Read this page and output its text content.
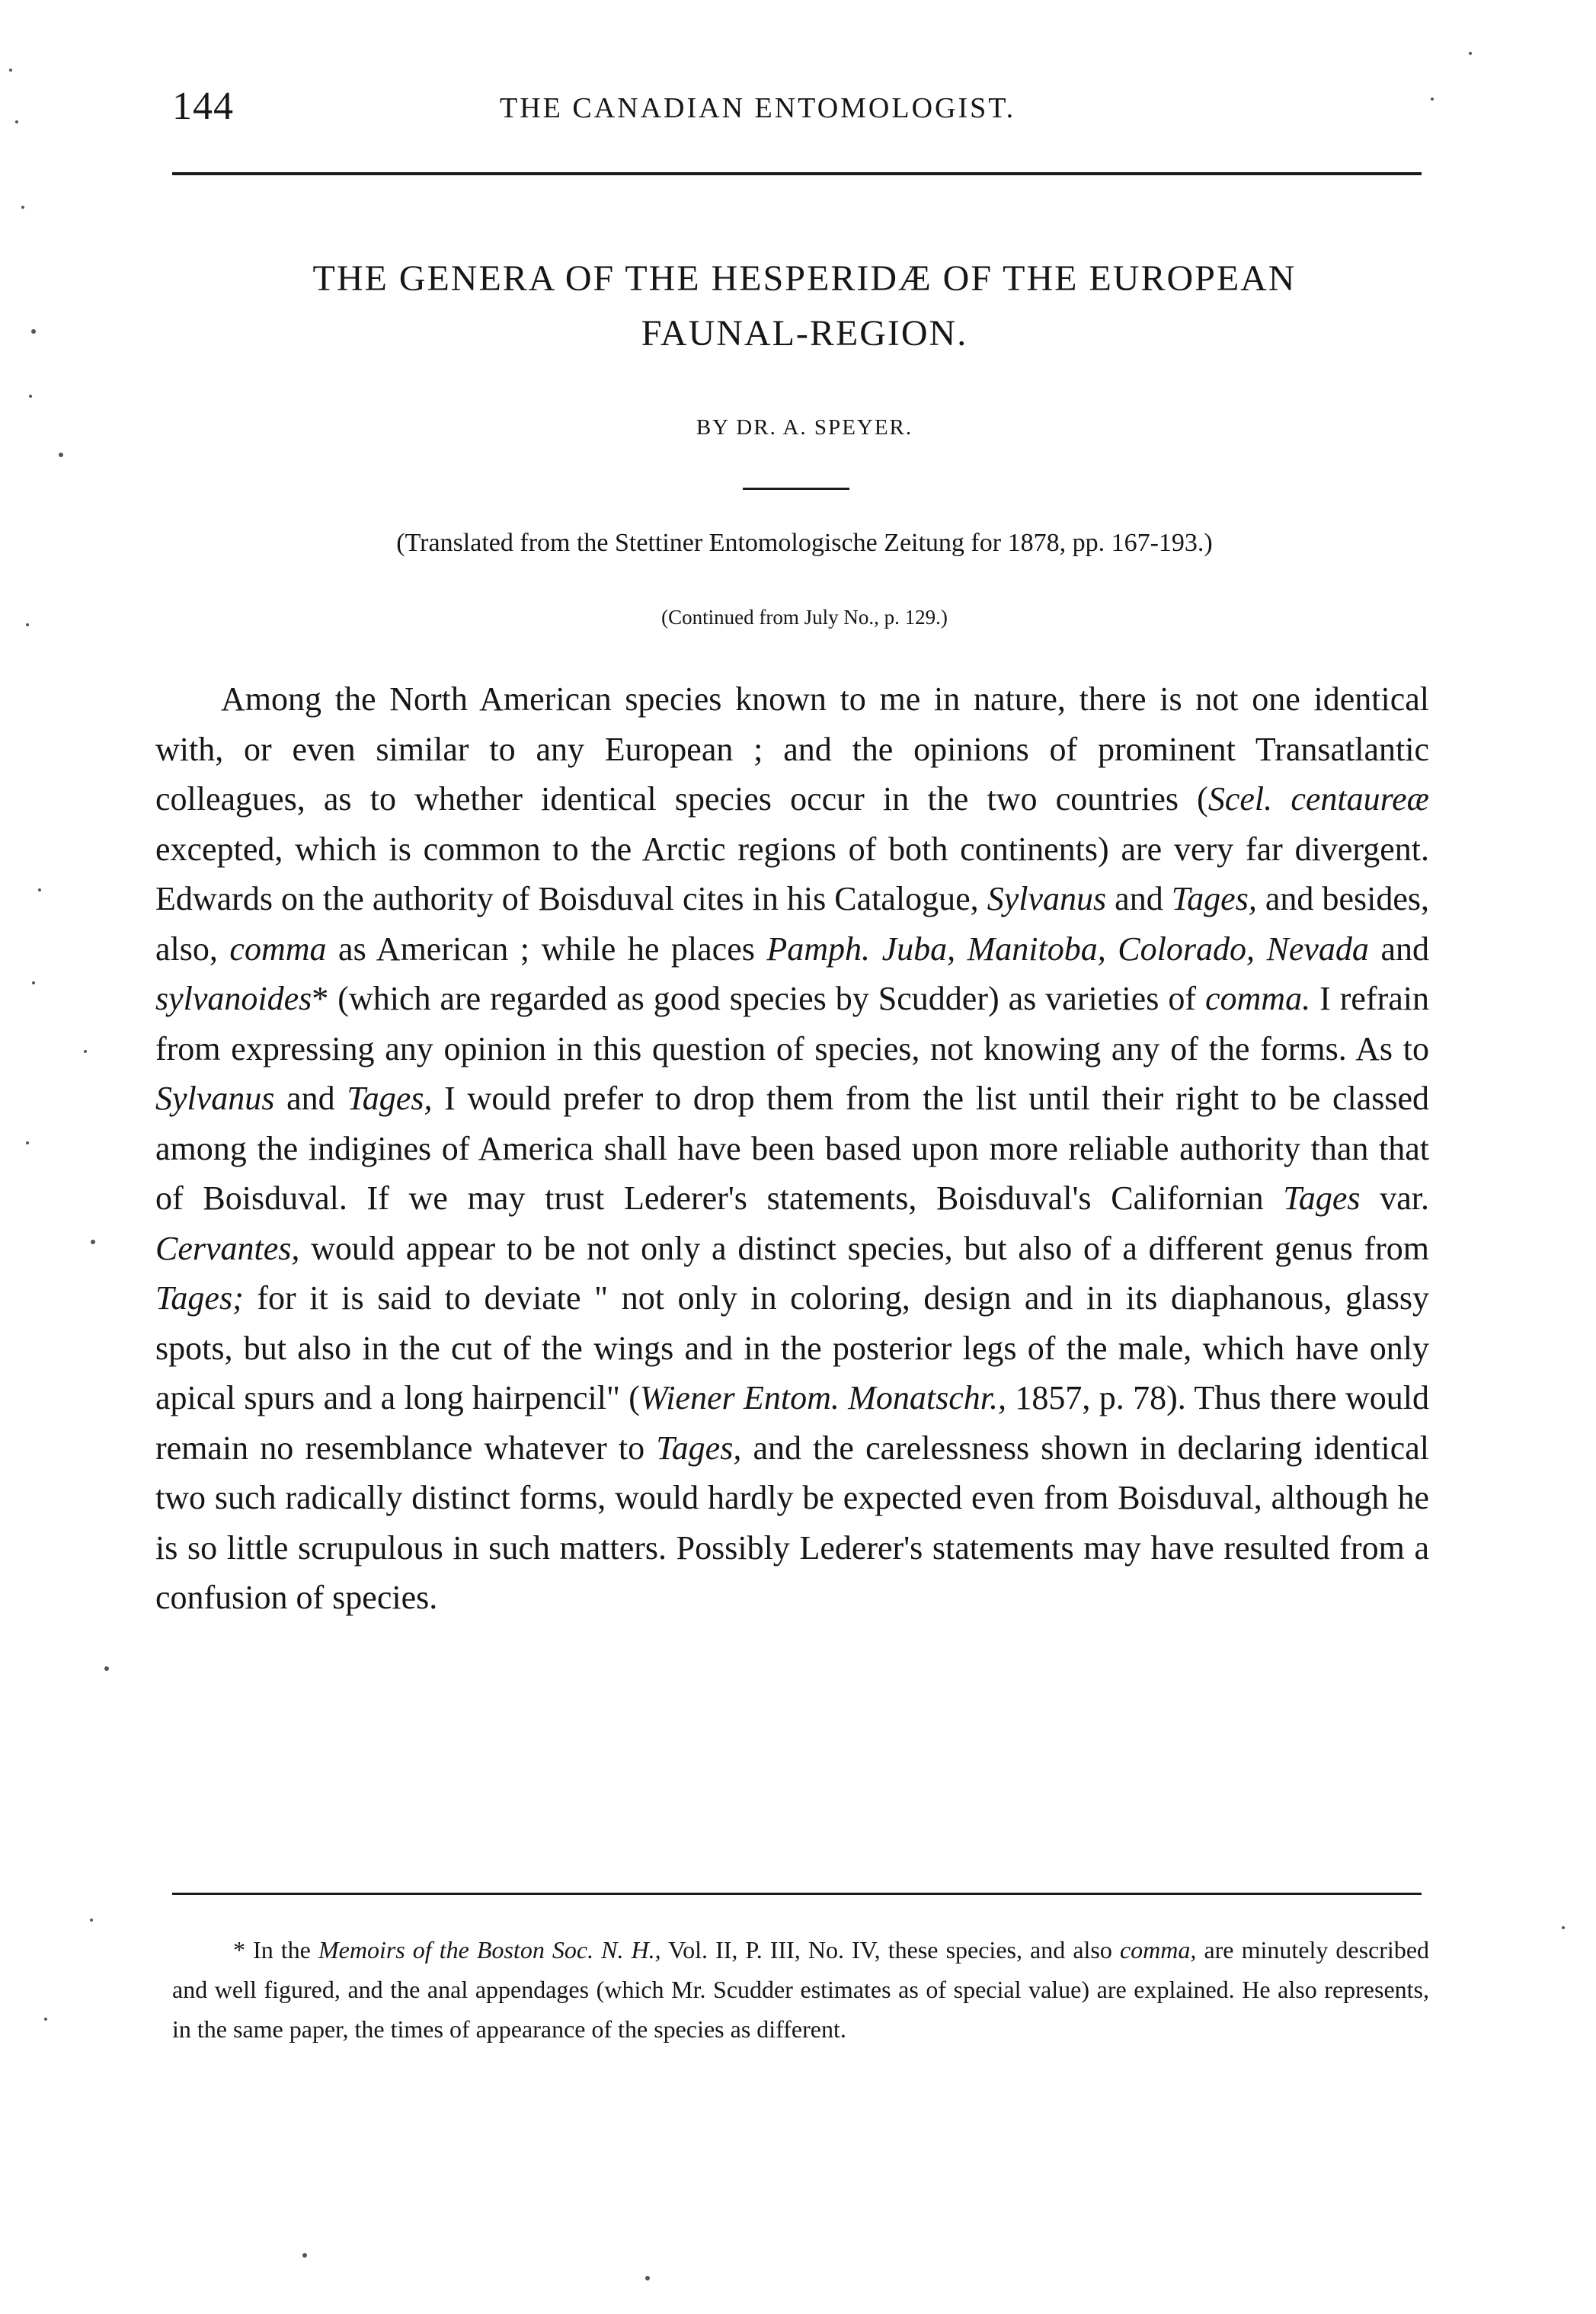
144	THE CANADIAN ENTOMOLOGIST.
THE GENERA OF THE HESPERIDÆ OF THE EUROPEAN
FAUNAL-REGION.
BY DR. A. SPEYER.
(Translated from the Stettiner Entomologische Zeitung for 1878, pp. 167-193.)
(Continued from July No., p. 129.)

Among the North American species known to me in nature, there is not one identical with, or even similar to any European ; and the opinions of prominent Transatlantic colleagues, as to whether identical species occur in the two countries (Scel. centaureæ excepted, which is common to the Arctic regions of both continents) are very far divergent. Edwards on the authority of Boisduval cites in his Catalogue, Sylvanus and Tages, and besides, also, comma as American ; while he places Pamph. Juba, Manitoba, Colorado, Nevada and sylvanoides* (which are regarded as good species by Scudder) as varieties of comma. I refrain from expressing any opinion in this question of species, not knowing any of the forms. As to Sylvanus and Tages, I would prefer to drop them from the list until their right to be classed among the indigines of America shall have been based upon more reliable authority than that of Boisduval. If we may trust Lederer's statements, Boisduval's Californian Tages var. Cervantes, would appear to be not only a distinct species, but also of a different genus from Tages; for it is said to deviate " not only in coloring, design and in its diaphanous, glassy spots, but also in the cut of the wings and in the posterior legs of the male, which have only apical spurs and a long hairpencil" (Wiener Entom. Monatschr., 1857, p. 78). Thus there would remain no resemblance whatever to Tages, and the carelessness shown in declaring identical two such radically distinct forms, would hardly be expected even from Boisduval, although he is so little scrupulous in such matters. Possibly Lederer's statements may have resulted from a confusion of species.

* In the Memoirs of the Boston Soc. N. H., Vol. II, P. III, No. IV, these species, and also comma, are minutely described and well figured, and the anal appendages (which Mr. Scudder estimates as of special value) are explained. He also represents, in the same paper, the times of appearance of the species as different.
